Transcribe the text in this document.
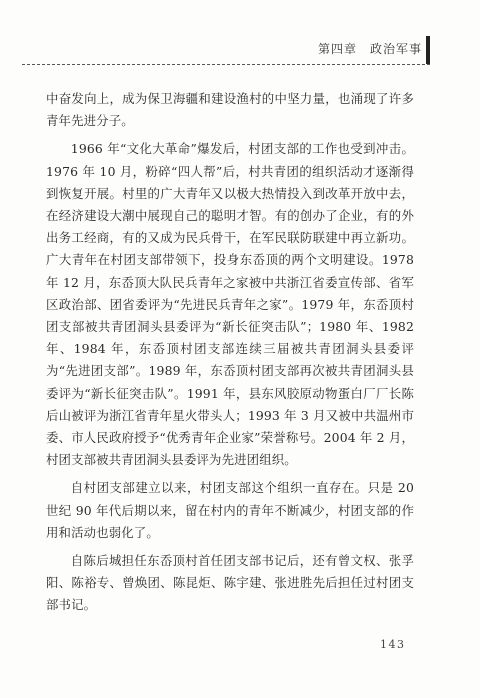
第四章　政治军事

中奋发向上，成为保卫海疆和建设渔村的中坚力量，也涌现了许多青年先进分子。

1966 年“文化大革命”爆发后，村团支部的工作也受到冲击。1976 年 10 月，粉碎“四人帮”后，村共青团的组织活动才逐渐得到恢复开展。村里的广大青年又以极大热情投入到改革开放中去，在经济建设大潮中展现自己的聪明才智。有的创办了企业，有的外出务工经商，有的又成为民兵骨干，在军民联防联建中再立新功。广大青年在村团支部带领下，投身东岙顶的两个文明建设。1978 年 12 月，东岙顶大队民兵青年之家被中共浙江省委宣传部、省军区政治部、团省委评为“先进民兵青年之家”。1979 年，东岙顶村团支部被共青团洞头县委评为“新长征突击队”；1980 年、1982 年、1984 年，东岙顶村团支部连续三届被共青团洞头县委评为“先进团支部”。1989 年，东岙顶村团支部再次被共青团洞头县委评为“新长征突击队”。1991 年，县东风胶原动物蛋白厂厂长陈后山被评为浙江省青年星火带头人；1993 年 3 月又被中共温州市委、市人民政府授予“优秀青年企业家”荣誉称号。2004 年 2 月，村团支部被共青团洞头县委评为先进团组织。

自村团支部建立以来，村团支部这个组织一直存在。只是 20 世纪 90 年代后期以来，留在村内的青年不断减少，村团支部的作用和活动也弱化了。

自陈后城担任东岙顶村首任团支部书记后，还有曾文权、张孚阳、陈裕专、曾焕团、陈昆炬、陈宇建、张进胜先后担任过村团支部书记。

143
